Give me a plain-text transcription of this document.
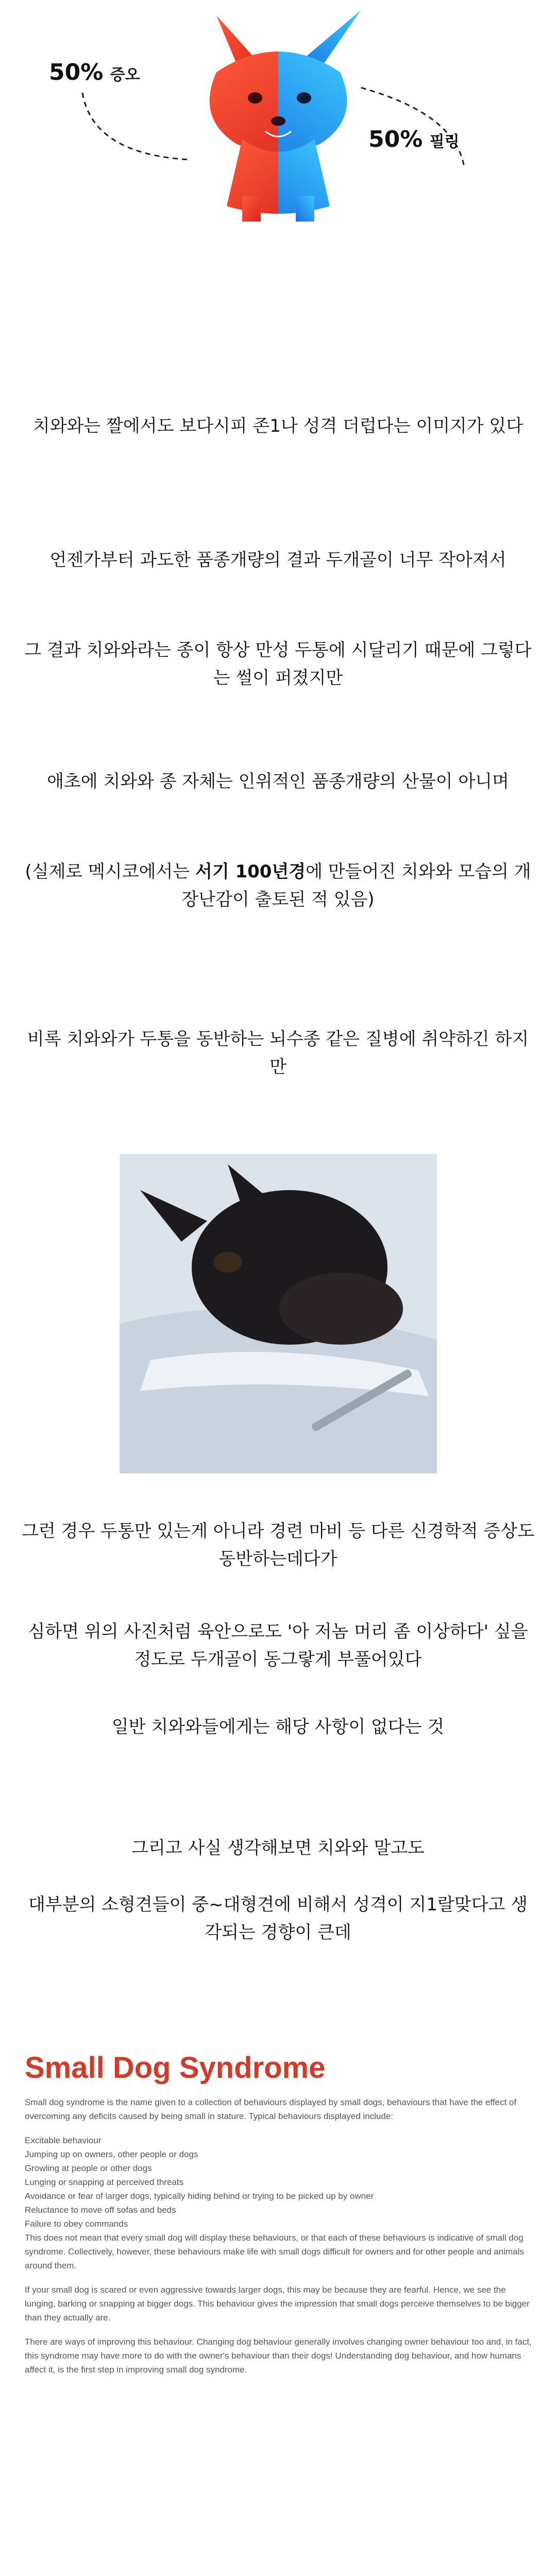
50% 증오
50% 필링

치와와는 짤에서도 보다시피 존1나 성격 더럽다는 이미지가 있다

언젠가부터 과도한 품종개량의 결과 두개골이 너무 작아져서

그 결과 치와와라는 종이 항상 만성 두통에 시달리기 때문에 그렇다는 썰이 퍼졌지만

애초에 치와와 종 자체는 인위적인 품종개량의 산물이 아니며

(실제로 멕시코에서는 서기 100년경에 만들어진 치와와 모습의 개 장난감이 출토된 적 있음)

비록 치와와가 두통을 동반하는 뇌수종 같은 질병에 취약하긴 하지만

그런 경우 두통만 있는게 아니라 경련 마비 등 다른 신경학적 증상도 동반하는데다가

심하면 위의 사진처럼 육안으로도 '아 저놈 머리 좀 이상하다' 싶을 정도로 두개골이 동그랗게 부풀어있다

일반 치와와들에게는 해당 사항이 없다는 것

그리고 사실 생각해보면 치와와 말고도

대부분의 소형견들이 중~대형견에 비해서 성격이 지1랄맞다고 생각되는 경향이 큰데

Small Dog Syndrome

Small dog syndrome is the name given to a collection of behaviours displayed by small dogs, behaviours that have the effect of overcoming any deficits caused by being small in stature. Typical behaviours displayed include:

Excitable behaviour

Jumping up on owners, other people or dogs

Growling at people or other dogs

Lunging or snapping at perceived threats

Avoidance or fear of larger dogs, typically hiding behind or trying to be picked up by owner

Reluctance to move off sofas and beds

Failure to obey commands

This does not mean that every small dog will display these behaviours, or that each of these behaviours is indicative of small dog syndrome. Collectively, however, these behaviours make life with small dogs difficult for owners and for other people and animals around them.

If your small dog is scared or even aggressive towards larger dogs, this may be because they are fearful. Hence, we see the lunging, barking or snapping at bigger dogs. This behaviour gives the impression that small dogs perceive themselves to be bigger than they actually are.

There are ways of improving this behaviour. Changing dog behaviour generally involves changing owner behaviour too and, in fact, this syndrome may have more to do with the owner's behaviour than their dogs! Understanding dog behaviour, and how humans affect it, is the first step in improving small dog syndrome.
